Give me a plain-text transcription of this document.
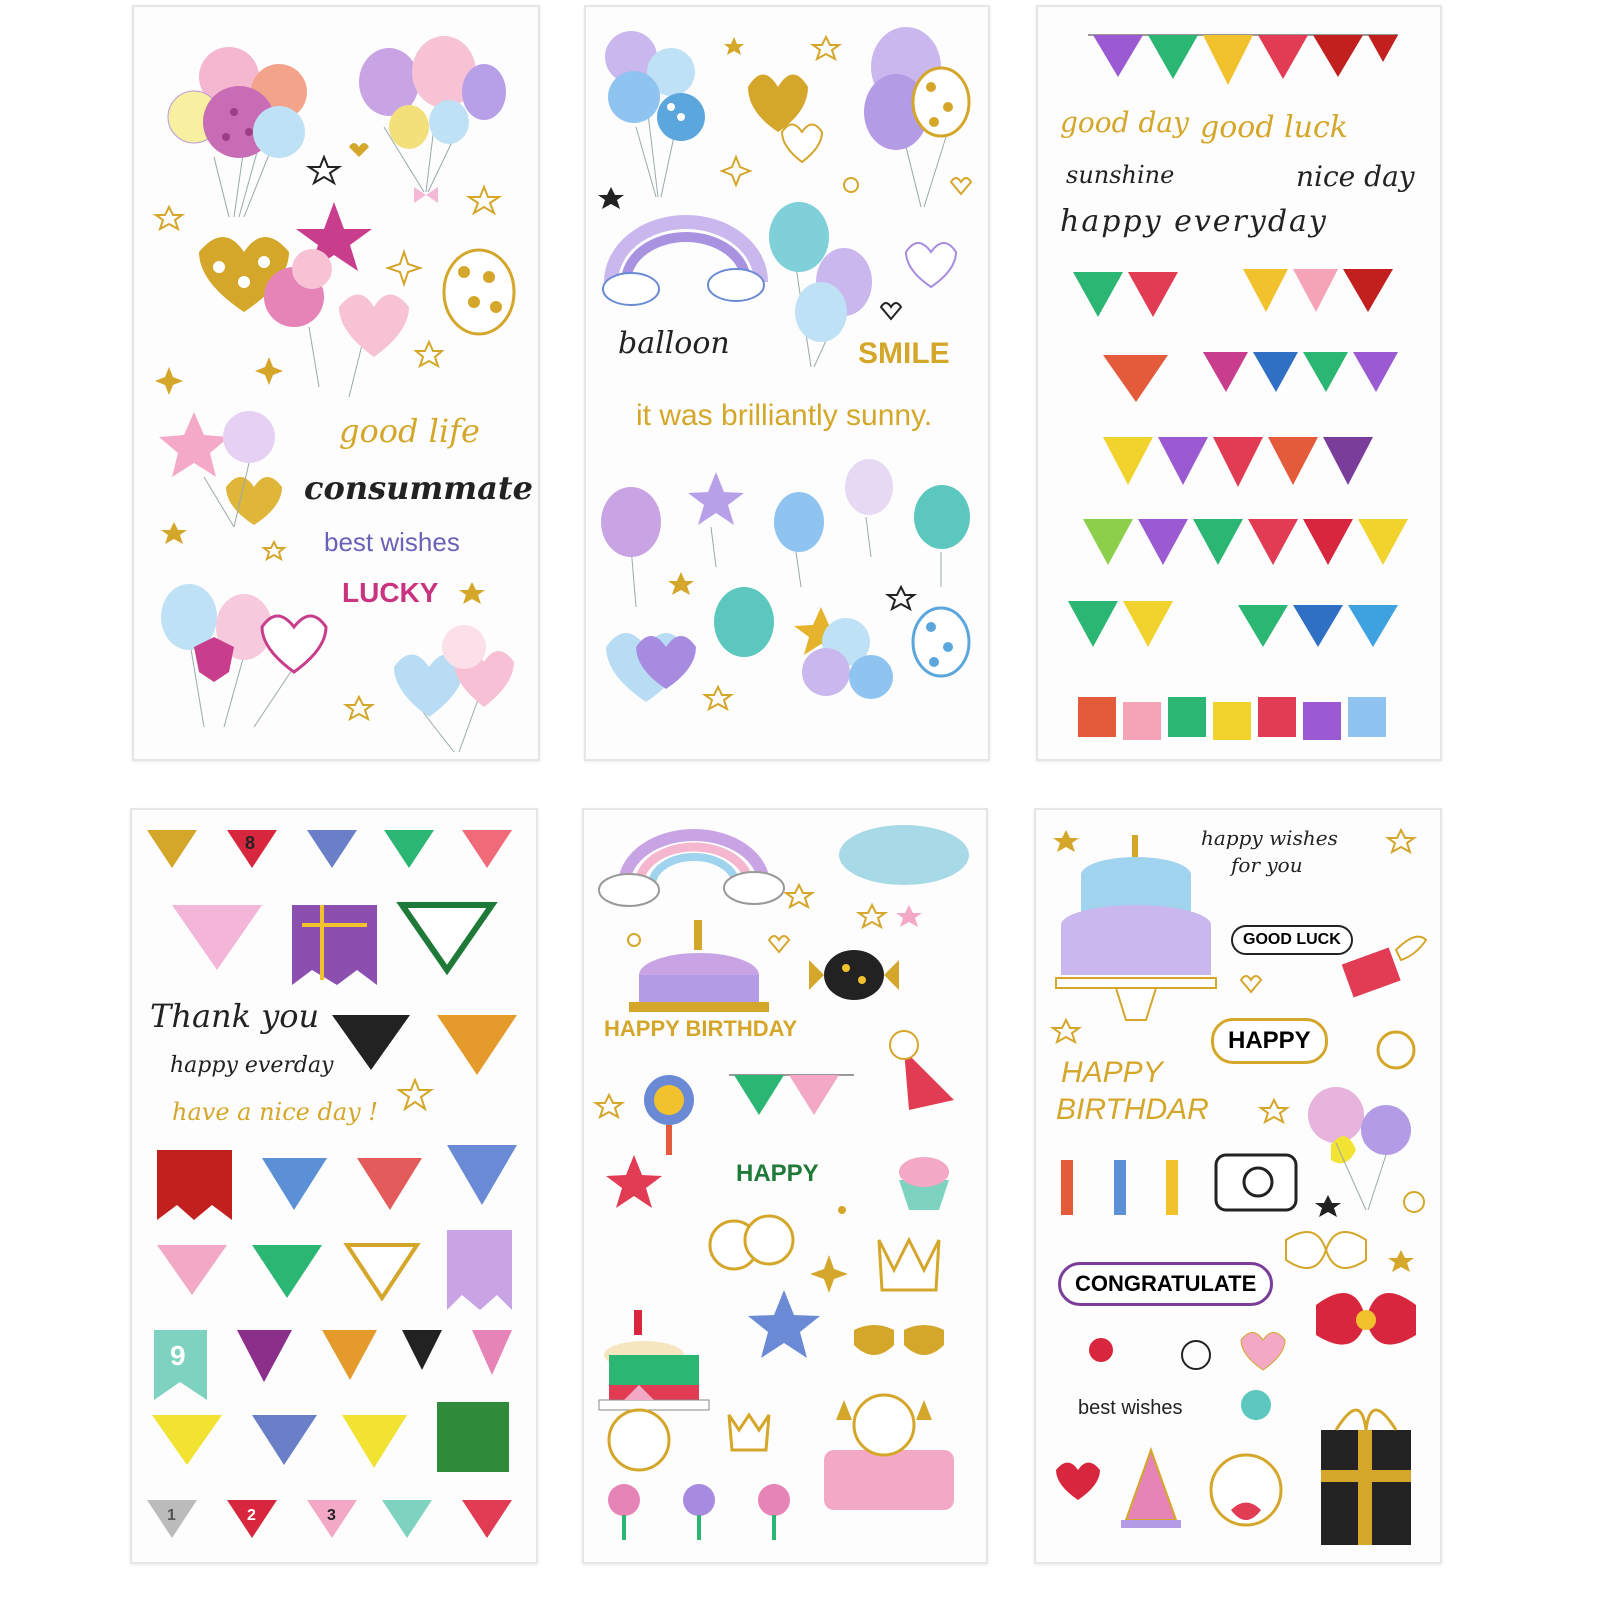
good life
consummate
best wishes
LUCKY
balloon	SMILE
it was brilliantly sunny.
good day good luck
sunshine	nice day
happy everyday
8
9
1	2	3
Thank you
happy everday
have a nice day !
HAPPY BIRTHDAY
HAPPY
happy wishes
for you
GOOD LUCK
HAPPY
HAPPY
BIRTHDAR
CONGRATULATE
best wishes
